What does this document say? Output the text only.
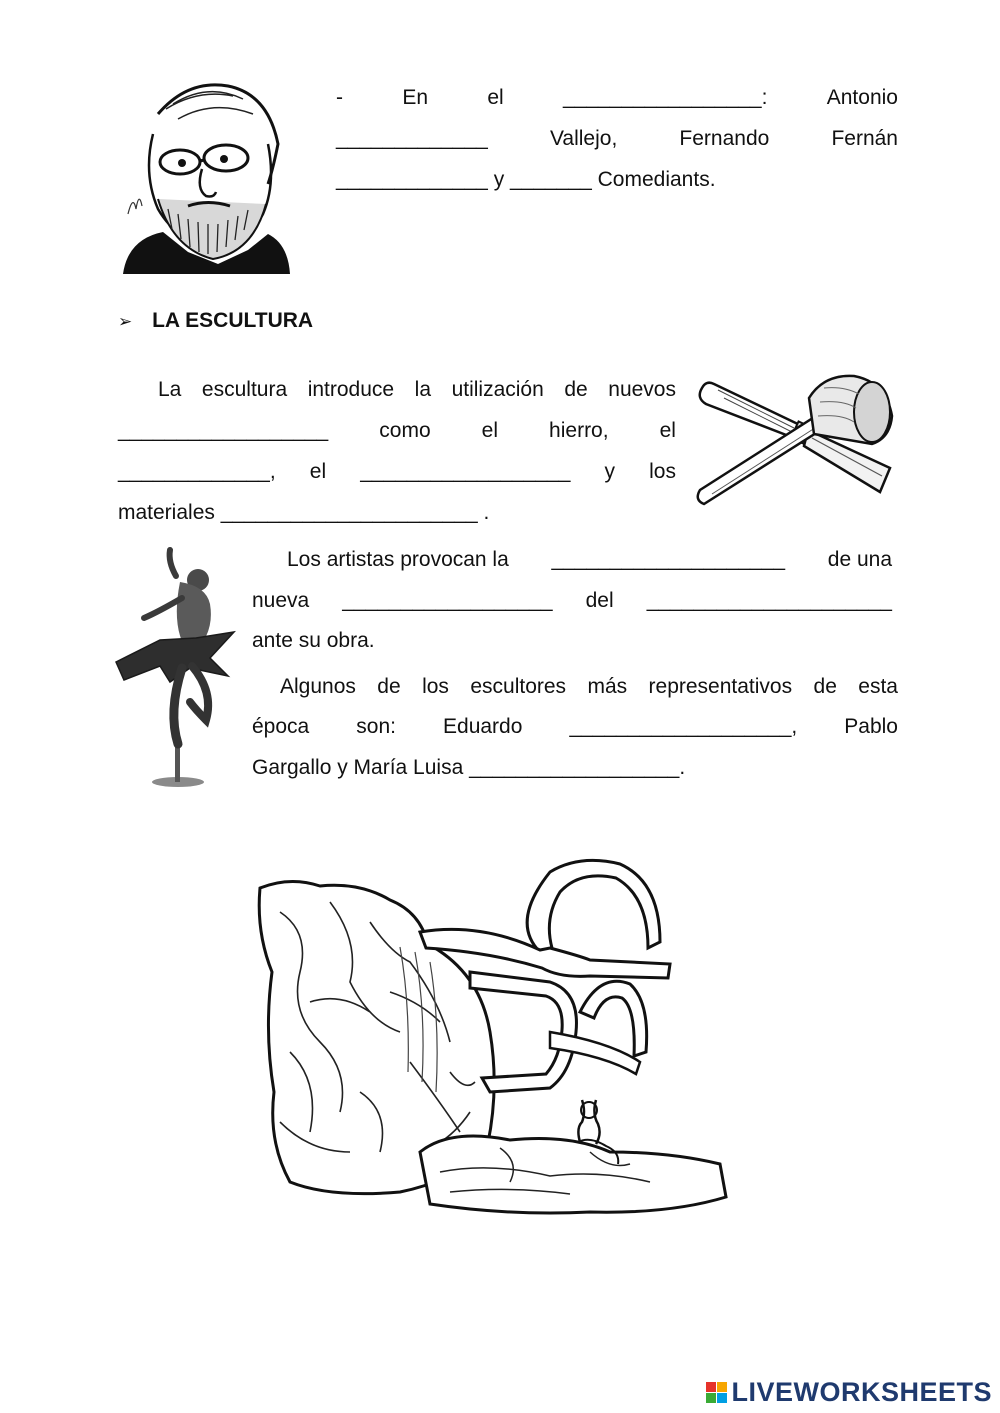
-	En	el	_________________:	Antonio
_____________	Vallejo,	Fernando	Fernán
_____________ y _______ Comediants.
➢ LA ESCULTURA
La escultura introduce la utilización de nuevos
__________________ como el hierro, el
_____________, el __________________ y los
materiales ______________________ .
Los artistas provocan la ____________________ de una
nueva __________________ del _____________________
ante su obra.
Algunos de los escultores más representativos de esta
época son: Eduardo ___________________, Pablo
Gargallo y María Luisa __________________.
LIVEWORKSHEETS
